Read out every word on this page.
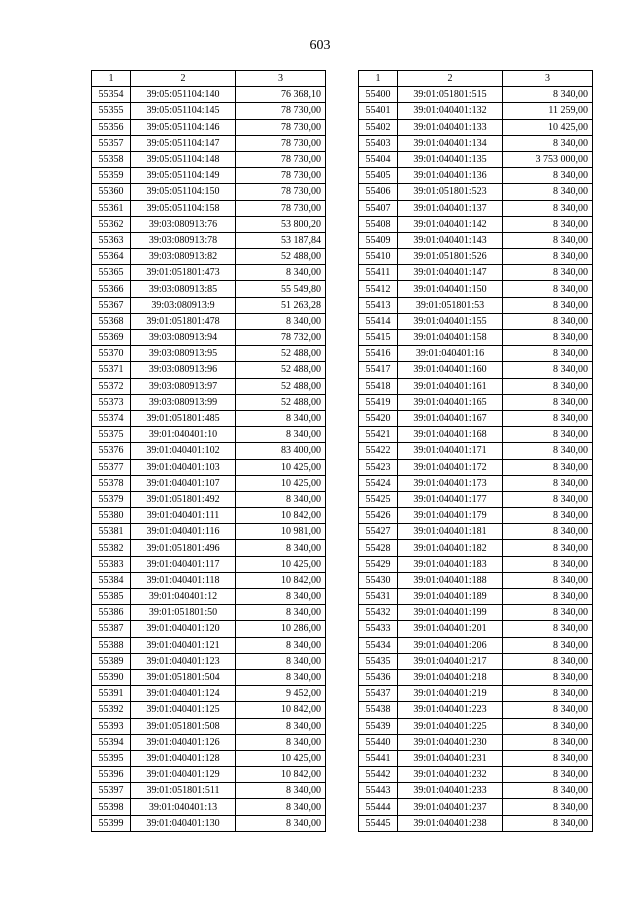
603
1	2	3
55354	39:05:051104:140	76 368,10
55355	39:05:051104:145	78 730,00
55356	39:05:051104:146	78 730,00
55357	39:05:051104:147	78 730,00
55358	39:05:051104:148	78 730,00
55359	39:05:051104:149	78 730,00
55360	39:05:051104:150	78 730,00
55361	39:05:051104:158	78 730,00
55362	39:03:080913:76	53 800,20
55363	39:03:080913:78	53 187,84
55364	39:03:080913:82	52 488,00
55365	39:01:051801:473	8 340,00
55366	39:03:080913:85	55 549,80
55367	39:03:080913:9	51 263,28
55368	39:01:051801:478	8 340,00
55369	39:03:080913:94	78 732,00
55370	39:03:080913:95	52 488,00
55371	39:03:080913:96	52 488,00
55372	39:03:080913:97	52 488,00
55373	39:03:080913:99	52 488,00
55374	39:01:051801:485	8 340,00
55375	39:01:040401:10	8 340,00
55376	39:01:040401:102	83 400,00
55377	39:01:040401:103	10 425,00
55378	39:01:040401:107	10 425,00
55379	39:01:051801:492	8 340,00
55380	39:01:040401:111	10 842,00
55381	39:01:040401:116	10 981,00
55382	39:01:051801:496	8 340,00
55383	39:01:040401:117	10 425,00
55384	39:01:040401:118	10 842,00
55385	39:01:040401:12	8 340,00
55386	39:01:051801:50	8 340,00
55387	39:01:040401:120	10 286,00
55388	39:01:040401:121	8 340,00
55389	39:01:040401:123	8 340,00
55390	39:01:051801:504	8 340,00
55391	39:01:040401:124	9 452,00
55392	39:01:040401:125	10 842,00
55393	39:01:051801:508	8 340,00
55394	39:01:040401:126	8 340,00
55395	39:01:040401:128	10 425,00
55396	39:01:040401:129	10 842,00
55397	39:01:051801:511	8 340,00
55398	39:01:040401:13	8 340,00
55399	39:01:040401:130	8 340,00
1	2	3
55400	39:01:051801:515	8 340,00
55401	39:01:040401:132	11 259,00
55402	39:01:040401:133	10 425,00
55403	39:01:040401:134	8 340,00
55404	39:01:040401:135	3 753 000,00
55405	39:01:040401:136	8 340,00
55406	39:01:051801:523	8 340,00
55407	39:01:040401:137	8 340,00
55408	39:01:040401:142	8 340,00
55409	39:01:040401:143	8 340,00
55410	39:01:051801:526	8 340,00
55411	39:01:040401:147	8 340,00
55412	39:01:040401:150	8 340,00
55413	39:01:051801:53	8 340,00
55414	39:01:040401:155	8 340,00
55415	39:01:040401:158	8 340,00
55416	39:01:040401:16	8 340,00
55417	39:01:040401:160	8 340,00
55418	39:01:040401:161	8 340,00
55419	39:01:040401:165	8 340,00
55420	39:01:040401:167	8 340,00
55421	39:01:040401:168	8 340,00
55422	39:01:040401:171	8 340,00
55423	39:01:040401:172	8 340,00
55424	39:01:040401:173	8 340,00
55425	39:01:040401:177	8 340,00
55426	39:01:040401:179	8 340,00
55427	39:01:040401:181	8 340,00
55428	39:01:040401:182	8 340,00
55429	39:01:040401:183	8 340,00
55430	39:01:040401:188	8 340,00
55431	39:01:040401:189	8 340,00
55432	39:01:040401:199	8 340,00
55433	39:01:040401:201	8 340,00
55434	39:01:040401:206	8 340,00
55435	39:01:040401:217	8 340,00
55436	39:01:040401:218	8 340,00
55437	39:01:040401:219	8 340,00
55438	39:01:040401:223	8 340,00
55439	39:01:040401:225	8 340,00
55440	39:01:040401:230	8 340,00
55441	39:01:040401:231	8 340,00
55442	39:01:040401:232	8 340,00
55443	39:01:040401:233	8 340,00
55444	39:01:040401:237	8 340,00
55445	39:01:040401:238	8 340,00
